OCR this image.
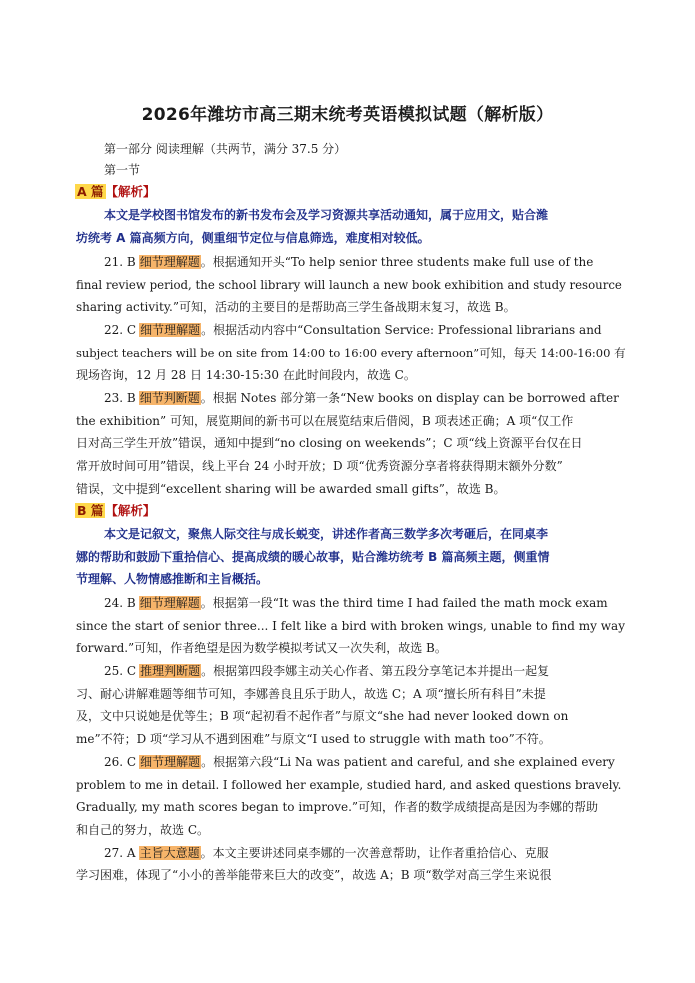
2026年潍坊市高三期末统考英语模拟试题（解析版）
第一部分 阅读理解（共两节，满分 37.5 分）
第一节
A 篇 【解析】
本文是学校图书馆发布的新书发布会及学习资源共享活动通知，属于应用文，贴合潍
坊统考 A 篇高频方向，侧重细节定位与信息筛选，难度相对较低。
21. B 细节理解题。根据通知开头“To help senior three students make full use of the
final review period, the school library will launch a new book exhibition and study resource
sharing activity.”可知，活动的主要目的是帮助高三学生备战期末复习，故选 B。
22. C 细节理解题。根据活动内容中“Consultation Service: Professional librarians and
subject teachers will be on site from 14:00 to 16:00 every afternoon”可知，每天 14:00-16:00 有
现场咨询，12 月 28 日 14:30-15:30 在此时间段内，故选 C。
23. B 细节判断题。根据 Notes 部分第一条“New books on display can be borrowed after
the exhibition” 可知，展览期间的新书可以在展览结束后借阅，B 项表述正确；A 项“仅工作
日对高三学生开放”错误，通知中提到“no closing on weekends”；C 项“线上资源平台仅在日
常开放时间可用”错误，线上平台 24 小时开放；D 项“优秀资源分享者将获得期末额外分数”
错误，文中提到“excellent sharing will be awarded small gifts”，故选 B。
B 篇 【解析】
本文是记叙文，聚焦人际交往与成长蜕变，讲述作者高三数学多次考砸后，在同桌李
娜的帮助和鼓励下重拾信心、提高成绩的暖心故事，贴合潍坊统考 B 篇高频主题，侧重情
节理解、人物情感推断和主旨概括。
24. B 细节理解题。根据第一段“It was the third time I had failed the math mock exam
since the start of senior three... I felt like a bird with broken wings, unable to find my way
forward.”可知，作者绝望是因为数学模拟考试又一次失利，故选 B。
25. C 推理判断题。根据第四段李娜主动关心作者、第五段分享笔记本并提出一起复
习、耐心讲解难题等细节可知，李娜善良且乐于助人，故选 C；A 项“擅长所有科目”未提
及，文中只说她是优等生；B 项“起初看不起作者”与原文“she had never looked down on
me”不符；D 项“学习从不遇到困难”与原文“I used to struggle with math too”不符。
26. C 细节理解题。根据第六段“Li Na was patient and careful, and she explained every
problem to me in detail. I followed her example, studied hard, and asked questions bravely.
Gradually, my math scores began to improve.”可知，作者的数学成绩提高是因为李娜的帮助
和自己的努力，故选 C。
27. A 主旨大意题。本文主要讲述同桌李娜的一次善意帮助，让作者重拾信心、克服
学习困难，体现了“小小的善举能带来巨大的改变”，故选 A；B 项“数学对高三学生来说很
